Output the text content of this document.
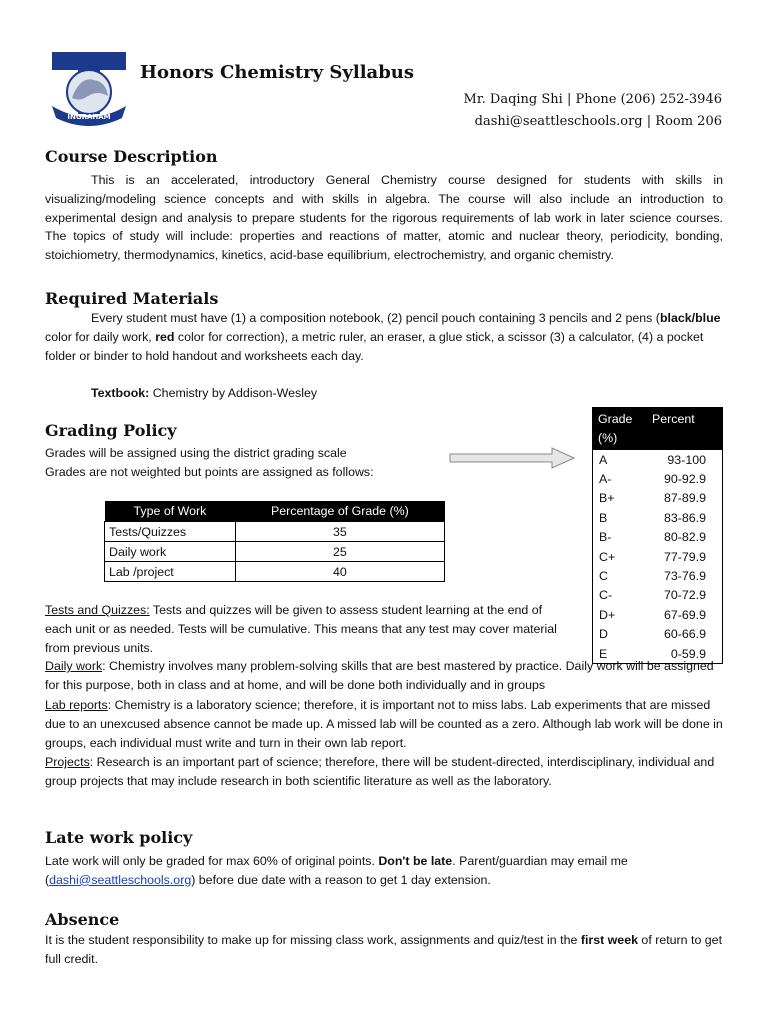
INGRAHAM
Honors Chemistry Syllabus
Mr. Daqing Shi | Phone (206) 252-3946
dashi@seattleschools.org | Room 206
Course Description
This is an accelerated, introductory General Chemistry course designed for students with skills in visualizing/modeling science concepts and with skills in algebra. The course will also include an introduction to experimental design and analysis to prepare students for the rigorous requirements of lab work in later science courses. The topics of study will include: properties and reactions of matter, atomic and nuclear theory, periodicity, bonding, stoichiometry, thermodynamics, kinetics, acid-base equilibrium, electrochemistry, and organic chemistry.
Required Materials
Every student must have (1) a composition notebook, (2) pencil pouch containing 3 pencils and 2 pens (black/blue color for daily work, red color for correction), a metric ruler, an eraser, a glue stick, a scissor (3) a calculator, (4) a pocket folder or binder to hold handout and worksheets each day.
Textbook: Chemistry by Addison-Wesley
Grading Policy
Grades will be assigned using the district grading scale
Grades are not weighted but points are assigned as follows:
Type of Work	Percentage of Grade (%)
Tests/Quizzes	35
Daily work	25
Lab /project	40
Grade (%)	Percent
A	93-100
A-	90-92.9
B+	87-89.9
B	83-86.9
B-	80-82.9
C+	77-79.9
C	73-76.9
C-	70-72.9
D+	67-69.9
D	60-66.9
E	0-59.9
Tests and Quizzes: Tests and quizzes will be given to assess student learning at the end of each unit or as needed. Tests will be cumulative. This means that any test may cover material from previous units.
Daily work: Chemistry involves many problem-solving skills that are best mastered by practice. Daily work will be assigned for this purpose, both in class and at home, and will be done both individually and in groups
Lab reports: Chemistry is a laboratory science; therefore, it is important not to miss labs. Lab experiments that are missed due to an unexcused absence cannot be made up. A missed lab will be counted as a zero. Although lab work will be done in groups, each individual must write and turn in their own lab report.
Projects: Research is an important part of science; therefore, there will be student-directed, interdisciplinary, individual and group projects that may include research in both scientific literature as well as the laboratory.
Late work policy
Late work will only be graded for max 60% of original points. Don't be late. Parent/guardian may email me (dashi@seattleschools.org) before due date with a reason to get 1 day extension.
Absence
It is the student responsibility to make up for missing class work, assignments and quiz/test in the first week of return to get full credit.
